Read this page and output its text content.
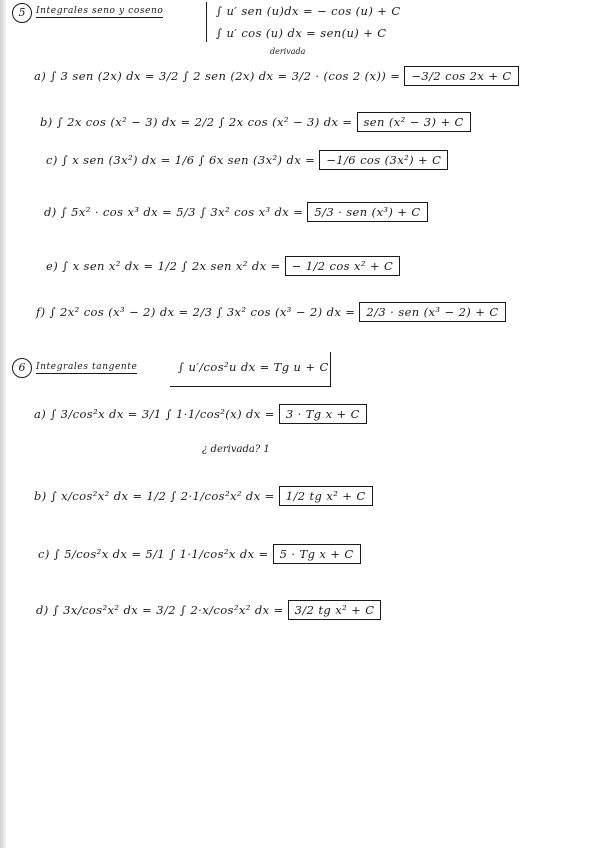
5	Integrales seno y coseno	∫ u′ sen (u)dx = − cos (u) + C
∫ u′ cos (u) dx = sen(u) + C
derivada
a) ∫ 3 sen (2x) dx = 3/2 ∫ 2 sen (2x) dx = 3/2 · (cos 2 (x)) = −3/2 cos 2x + C
b) ∫ 2x cos (x² − 3) dx = 2/2 ∫ 2x cos (x² − 3) dx = sen (x² − 3) + C
c) ∫ x sen (3x²) dx = 1/6 ∫ 6x sen (3x²) dx = −1/6 cos (3x²) + C
d) ∫ 5x² · cos x³ dx = 5/3 ∫ 3x² cos x³ dx = 5/3 · sen (x³) + C
e) ∫ x sen x² dx = 1/2 ∫ 2x sen x² dx = − 1/2 cos x² + C
f) ∫ 2x² cos (x³ − 2) dx = 2/3 ∫ 3x² cos (x³ − 2) dx = 2/3 · sen (x³ − 2) + C
6	Integrales tangente	∫ u′/cos²u dx = Tg u + C
a) ∫ 3/cos²x dx = 3/1 ∫ 1·1/cos²(x) dx = 3 · Tg x + C
¿ derivada? 1
b) ∫ x/cos²x² dx = 1/2 ∫ 2·1/cos²x² dx = 1/2 tg x² + C
c) ∫ 5/cos²x dx = 5/1 ∫ 1·1/cos²x dx = 5 · Tg x + C
d) ∫ 3x/cos²x² dx = 3/2 ∫ 2·x/cos²x² dx = 3/2 tg x² + C
